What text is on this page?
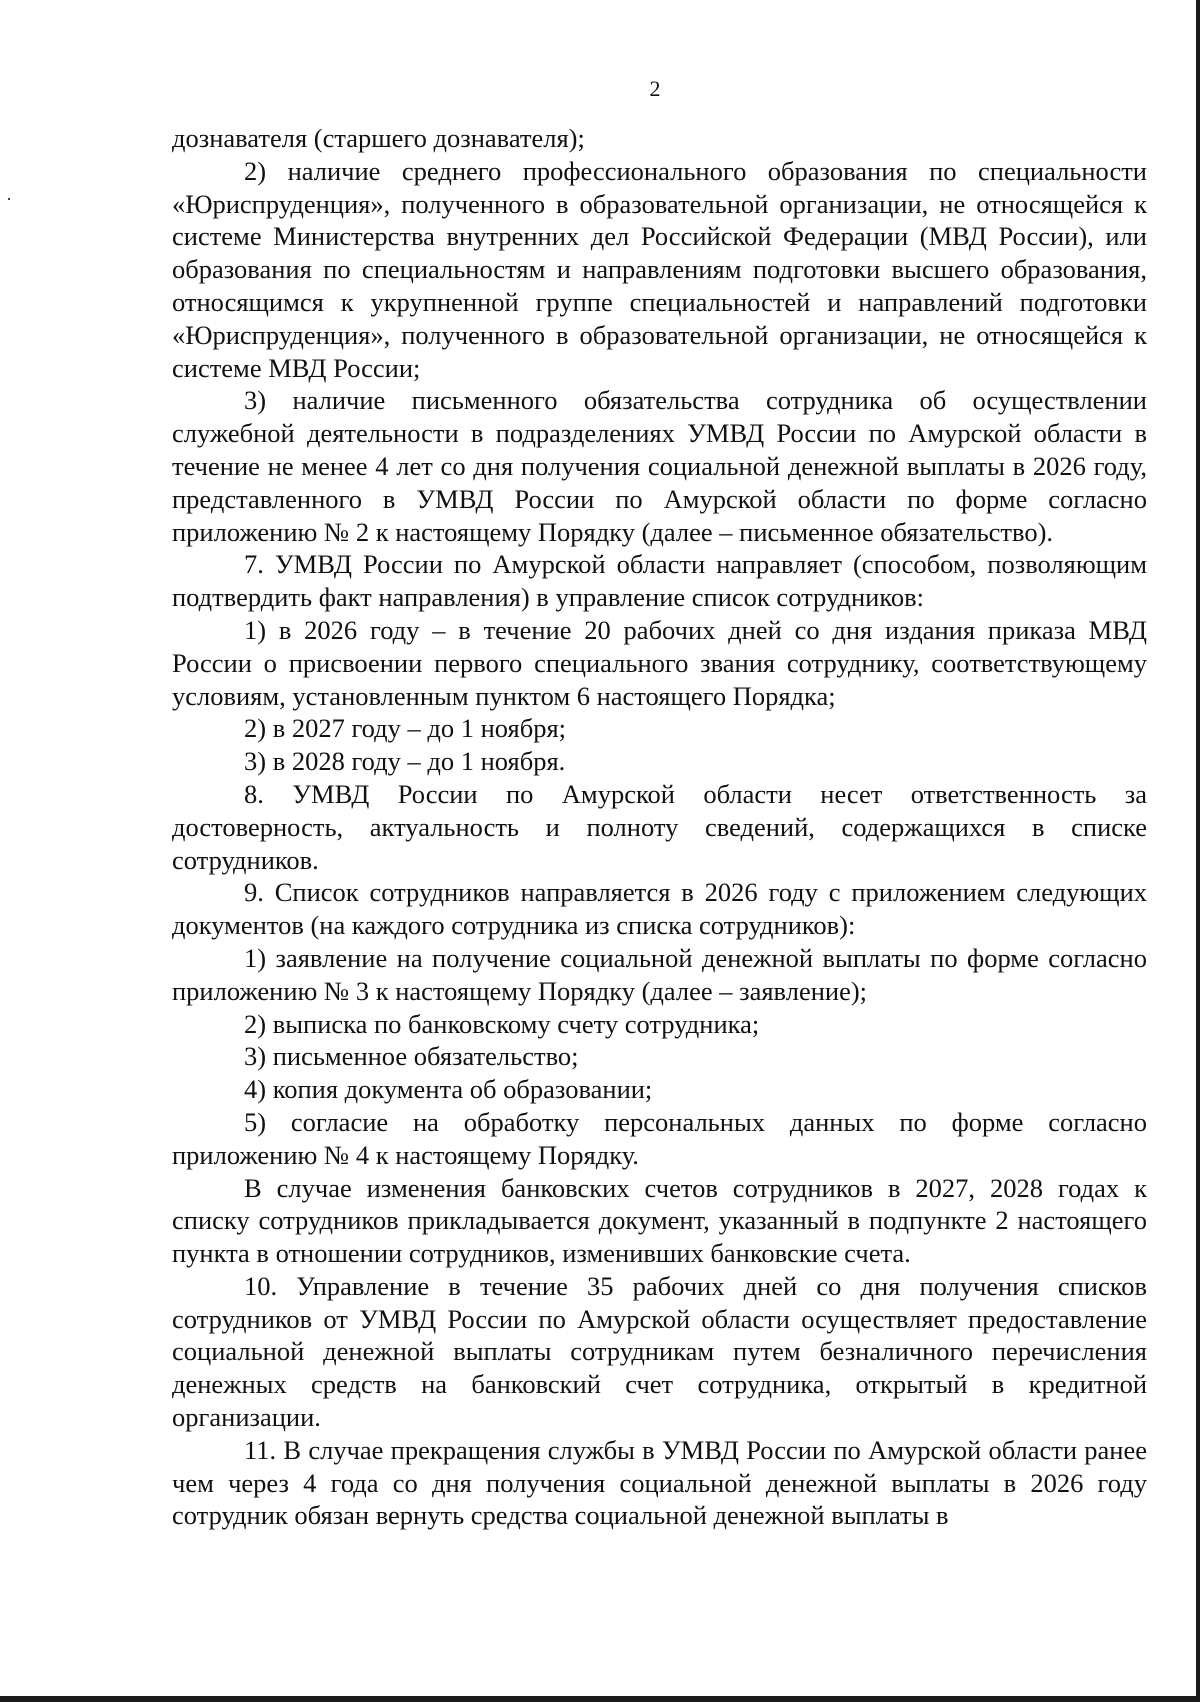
2

дознавателя (старшего дознавателя);

2) наличие среднего профессионального образования по специальности «Юриспруденция», полученного в образовательной организации, не относящейся к системе Министерства внутренних дел Российской Федерации (МВД России), или образования по специальностям и направлениям подготовки высшего образования, относящимся к укрупненной группе специальностей и направлений подготовки «Юриспруденция», полученного в образовательной организации, не относящейся к системе МВД России;

3) наличие письменного обязательства сотрудника об осуществлении служебной деятельности в подразделениях УМВД России по Амурской области в течение не менее 4 лет со дня получения социальной денежной выплаты в 2026 году, представленного в УМВД России по Амурской области по форме согласно приложению № 2 к настоящему Порядку (далее – письменное обязательство).

7. УМВД России по Амурской области направляет (способом, позволяющим подтвердить факт направления) в управление список сотрудников:

1) в 2026 году – в течение 20 рабочих дней со дня издания приказа МВД России о присвоении первого специального звания сотруднику, соответствующему условиям, установленным пунктом 6 настоящего Порядка;

2) в 2027 году – до 1 ноября;

3) в 2028 году – до 1 ноября.

8. УМВД России по Амурской области несет ответственность за достоверность, актуальность и полноту сведений, содержащихся в списке сотрудников.

9. Список сотрудников направляется в 2026 году с приложением следующих документов (на каждого сотрудника из списка сотрудников):

1) заявление на получение социальной денежной выплаты по форме согласно приложению № 3 к настоящему Порядку (далее – заявление);

2) выписка по банковскому счету сотрудника;

3) письменное обязательство;

4) копия документа об образовании;

5) согласие на обработку персональных данных по форме согласно приложению № 4 к настоящему Порядку.

В случае изменения банковских счетов сотрудников в 2027, 2028 годах к списку сотрудников прикладывается документ, указанный в подпункте 2 настоящего пункта в отношении сотрудников, изменивших банковские счета.

10. Управление в течение 35 рабочих дней со дня получения списков сотрудников от УМВД России по Амурской области осуществляет предоставление социальной денежной выплаты сотрудникам путем безналичного перечисления денежных средств на банковский счет сотрудника, открытый в кредитной организации.

11. В случае прекращения службы в УМВД России по Амурской области ранее чем через 4 года со дня получения социальной денежной выплаты в 2026 году сотрудник обязан вернуть средства социальной денежной выплаты в
